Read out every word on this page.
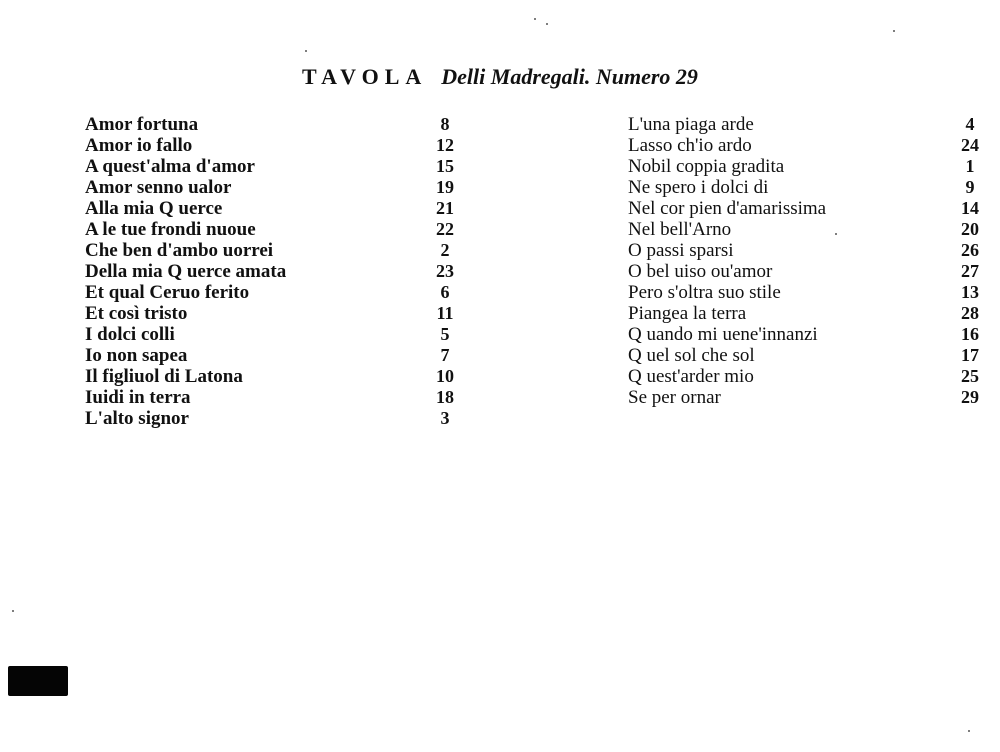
TAVOLA Delli Madregali. Numero 29
Amor fortuna	8
Amor io fallo	12
A quest'alma d'amor	15
Amor senno ualor	19
Alla mia Q uerce	21
A le tue frondi nuoue	22
Che ben d'ambo uorrei	2
Della mia Q uerce amata	23
Et qual Ceruo ferito	6
Et così tristo	11
I dolci colli	5
Io non sapea	7
Il figliuol di Latona	10
Iuidi in terra	18
L'alto signor	3
L'una piaga arde	4
Lasso ch'io ardo	24
Nobil coppia gradita	1
Ne spero i dolci di	9
Nel cor pien d'amarissima	14
Nel bell'Arno	20
O passi sparsi	26
O bel uiso ou'amor	27
Pero s'oltra suo stile	13
Piangea la terra	28
Q uando mi uene'innanzi	16
Q uel sol che sol	17
Q uest'arder mio	25
Se per ornar	29
